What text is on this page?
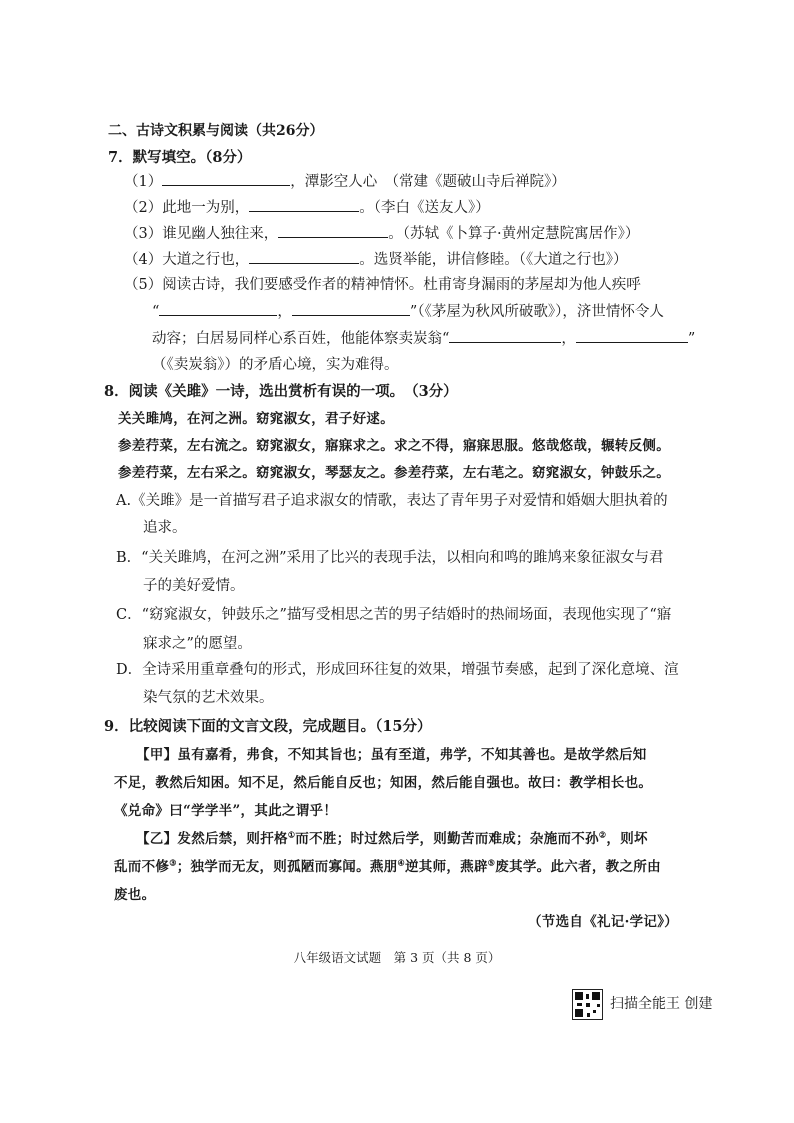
二、古诗文积累与阅读（共26分）
7．默写填空。（8分）
（1）	，潭影空人心　（常建《题破山寺后禅院》）
（2）此地一为别，	。（李白《送友人》）
（3）谁见幽人独往来，	。（苏轼《卜算子·黄州定慧院寓居作》）
（4）大道之行也，	。选贤举能，讲信修睦。（《大道之行也》）
（5）阅读古诗，我们要感受作者的精神情怀。杜甫寄身漏雨的茅屋却为他人疾呼
“	，	”（《茅屋为秋风所破歌》），济世情怀令人
动容；白居易同样心系百姓，他能体察卖炭翁“	，	”
（《卖炭翁》）的矛盾心境，实为难得。
8．阅读《关雎》一诗，选出赏析有误的一项。　（3分）
关关雎鸠，在河之洲。窈窕淑女，君子好逑。
参差荇菜，左右流之。窈窕淑女，寤寐求之。求之不得，寤寐思服。悠哉悠哉，辗转反侧。
参差荇菜，左右采之。窈窕淑女，琴瑟友之。参差荇菜，左右芼之。窈窕淑女，钟鼓乐之。
A.《关雎》是一首描写君子追求淑女的情歌，表达了青年男子对爱情和婚姻大胆执着的
追求。
B．“关关雎鸠，在河之洲”采用了比兴的表现手法，以相向和鸣的雎鸠来象征淑女与君
子的美好爱情。
C．“窈窕淑女，钟鼓乐之”描写受相思之苦的男子结婚时的热闹场面，表现他实现了“寤
寐求之”的愿望。
D．全诗采用重章叠句的形式，形成回环往复的效果，增强节奏感，起到了深化意境、渲
染气氛的艺术效果。
9．比较阅读下面的文言文段，完成题目。（15分）
【甲】虽有嘉肴，弗食，不知其旨也；虽有至道，弗学，不知其善也。是故学然后知
不足，教然后知困。知不足，然后能自反也；知困，然后能自强也。故曰：教学相长也。
《兑命》曰“学学半”，其此之谓乎！
【乙】发然后禁，则扞格①而不胜；时过然后学，则勤苦而难成；杂施而不孙②，则坏
乱而不修③；独学而无友，则孤陋而寡闻。燕朋④逆其师，燕辟⑤废其学。此六者，教之所由
废也。
（节选自《礼记·学记》）
八年级语文试题　第 3 页（共 8 页）
扫描全能王 创建
